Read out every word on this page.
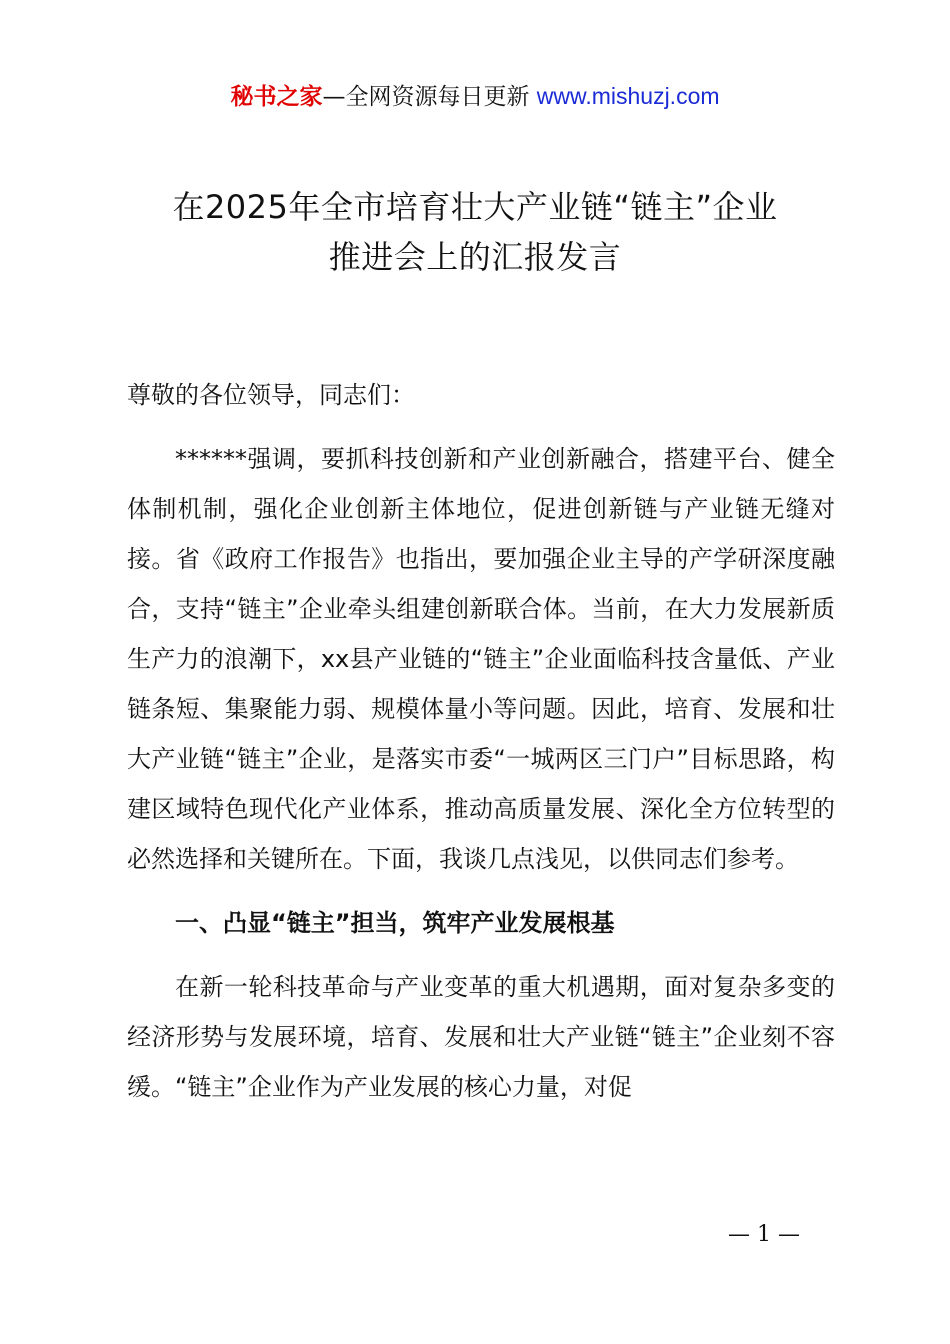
秘书之家—全网资源每日更新 www.mishuzj.com
在2025年全市培育壮大产业链“链主”企业
推进会上的汇报发言

尊敬的各位领导，同志们：

******强调，要抓科技创新和产业创新融合，搭建平台、健全体制机制，强化企业创新主体地位，促进创新链与产业链无缝对接。省《政府工作报告》也指出，要加强企业主导的产学研深度融合，支持“链主”企业牵头组建创新联合体。当前，在大力发展新质生产力的浪潮下，xx县产业链的“链主”企业面临科技含量低、产业链条短、集聚能力弱、规模体量小等问题。因此，培育、发展和壮大产业链“链主”企业，是落实市委“一城两区三门户”目标思路，构建区域特色现代化产业体系，推动高质量发展、深化全方位转型的必然选择和关键所在。下面，我谈几点浅见，以供同志们参考。

一、凸显“链主”担当，筑牢产业发展根基

在新一轮科技革命与产业变革的重大机遇期，面对复杂多变的经济形势与发展环境，培育、发展和壮大产业链“链主”企业刻不容缓。“链主”企业作为产业发展的核心力量，对促

— 1 —
